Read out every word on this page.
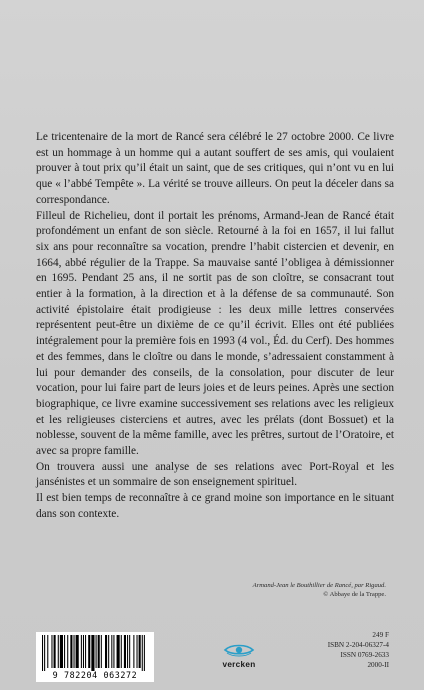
Le tricentenaire de la mort de Rancé sera célébré le 27 octobre 2000. Ce livre est un hommage à un homme qui a autant souffert de ses amis, qui voulaient prouver à tout prix qu’il était un saint, que de ses critiques, qui n’ont vu en lui que « l’abbé Tempête ». La vérité se trouve ailleurs. On peut la déceler dans sa correspondance.

Filleul de Richelieu, dont il portait les prénoms, Armand-Jean de Rancé était profondément un enfant de son siècle. Retourné à la foi en 1657, il lui fallut six ans pour reconnaître sa vocation, prendre l’habit cistercien et devenir, en 1664, abbé régulier de la Trappe. Sa mauvaise santé l’obligea à démissionner en 1695. Pendant 25 ans, il ne sortit pas de son cloître, se consacrant tout entier à la formation, à la direction et à la défense de sa communauté. Son activité épistolaire était prodigieuse : les deux mille lettres conservées représentent peut-être un dixième de ce qu’il écrivit. Elles ont été publiées intégralement pour la première fois en 1993 (4 vol., Éd. du Cerf). Des hommes et des femmes, dans le cloître ou dans le monde, s’adressaient constamment à lui pour demander des conseils, de la consolation, pour discuter de leur vocation, pour lui faire part de leurs joies et de leurs peines. Après une section biographique, ce livre examine successivement ses relations avec les religieux et les religieuses cisterciens et autres, avec les prélats (dont Bossuet) et la noblesse, souvent de la même famille, avec les prêtres, surtout de l’Oratoire, et avec sa propre famille.

On trouvera aussi une analyse de ses relations avec Port-Royal et les jansénistes et un sommaire de son enseignement spirituel.

Il est bien temps de reconnaître à ce grand moine son importance en le situant dans son contexte.

Armand-Jean le Bouthillier de Rancé, par Rigaud.
© Abbaye de la Trappe.
9 782204 063272
vercken
249 F
ISBN 2-204-06327-4
ISSN 0769-2633
2000-II
